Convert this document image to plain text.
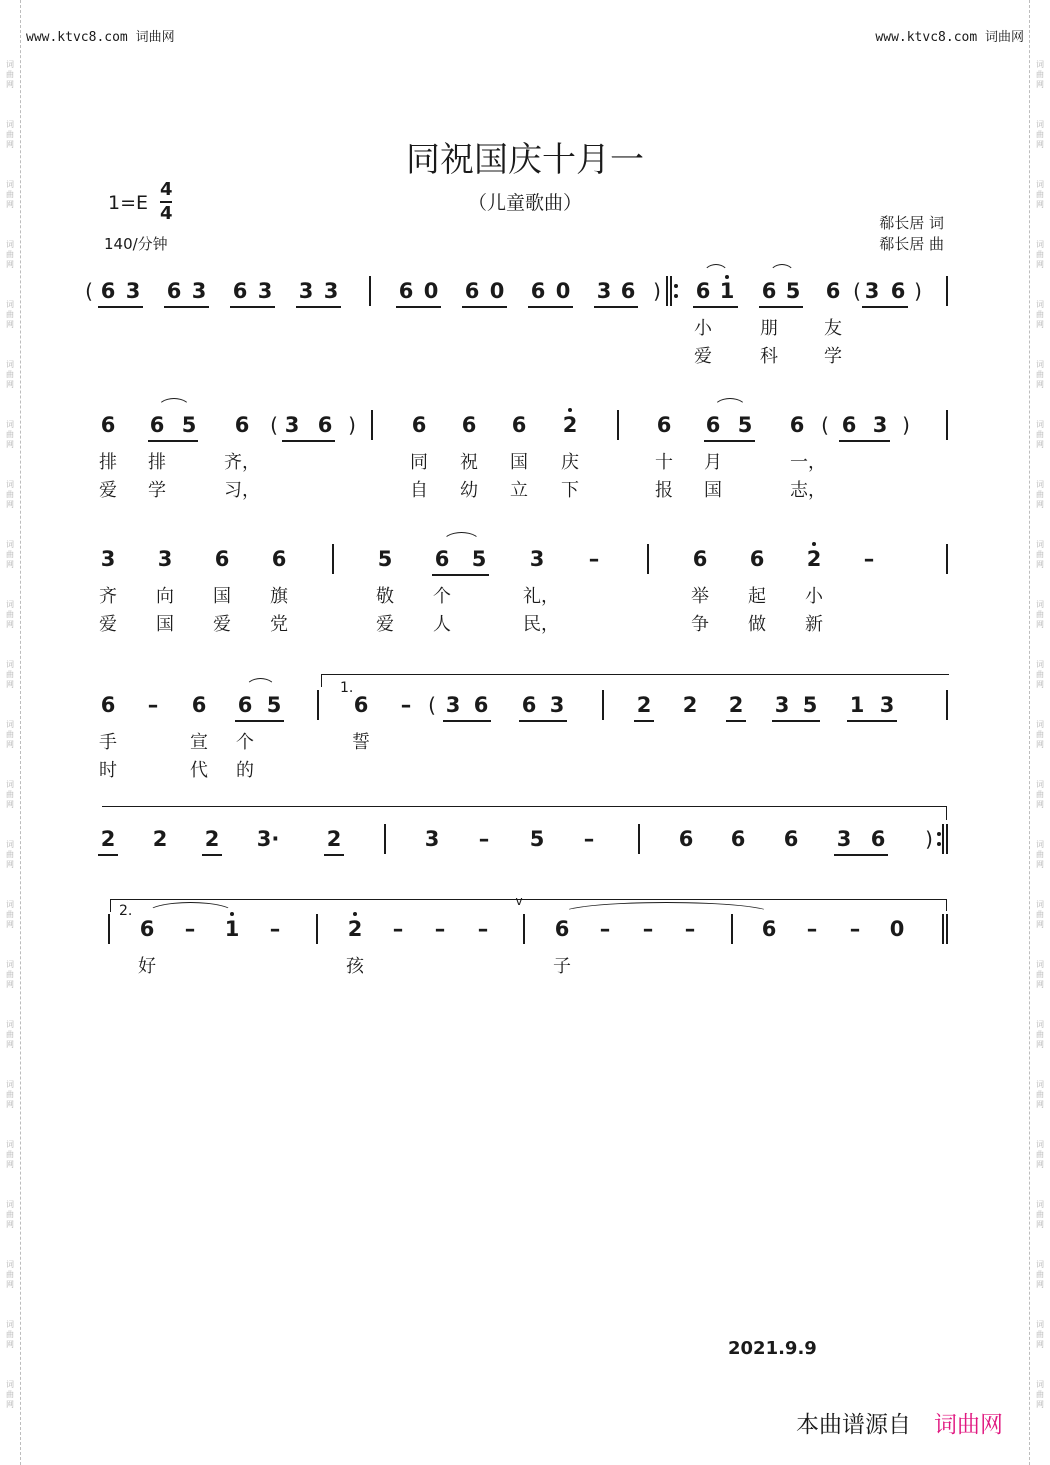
词
曲
网
词
曲
网
词
曲
网
词
曲
网
词
曲
网
词
曲
网
词
曲
网
词
曲
网
词
曲
网
词
曲
网
词
曲
网
词
曲
网
词
曲
网
词
曲
网
词
曲
网
词
曲
网
词
曲
网
词
曲
网
词
曲
网
词
曲
网
词
曲
网
词
曲
网
词
曲
网
词
曲
网
词
曲
网
词
曲
网
词
曲
网
词
曲
网
词
曲
网
词
曲
网
词
曲
网
词
曲
网
词
曲
网
词
曲
网
词
曲
网
词
曲
网
词
曲
网
词
曲
网
词
曲
网
词
曲
网
词
曲
网
词
曲
网
词
曲
网
词
曲
网
词
曲
网
词
曲
网
www.ktvc8.com 词曲网	www.ktvc8.com 词曲网
同祝国庆十月一
（儿童歌曲）
1=E
4
4
140/分钟
郗长居 词
郗长居 曲
( 6 3 6 3 6 3 3 3	6 0 6 0 6 0 3 6	6 1 6 5 6 3 6
)	(	)
小	朋	友
爱	科	学
6 6 5 6 3 6	6 6 6 2	6 6 5 6 6 3
(	)	(	)
排 排	齐，	同 祝 国 庆	十 月	一，
爱 学	习，	自 幼 立 下	报 国	志，
3 3 6 6	5 6 5 3 –	6 6 2 –
齐 向 国 旗	敬 个	礼，	举 起 小
爱 国 爱 党	爱 人	民，	争 做 新
6 – 6 6 5	6 – 3 6 6 3	2 2 2 3 5 1 3
(
1.
手	宣 个	誓
时	代 的
2 2 2 3· 2	3 – 5 –	6 6 6 3 6 )
2.
6 – 1 –	2 – – –	6 – – –	6 – – 0
v
好	孩	子
2021.9.9
本曲谱源自 词曲网
